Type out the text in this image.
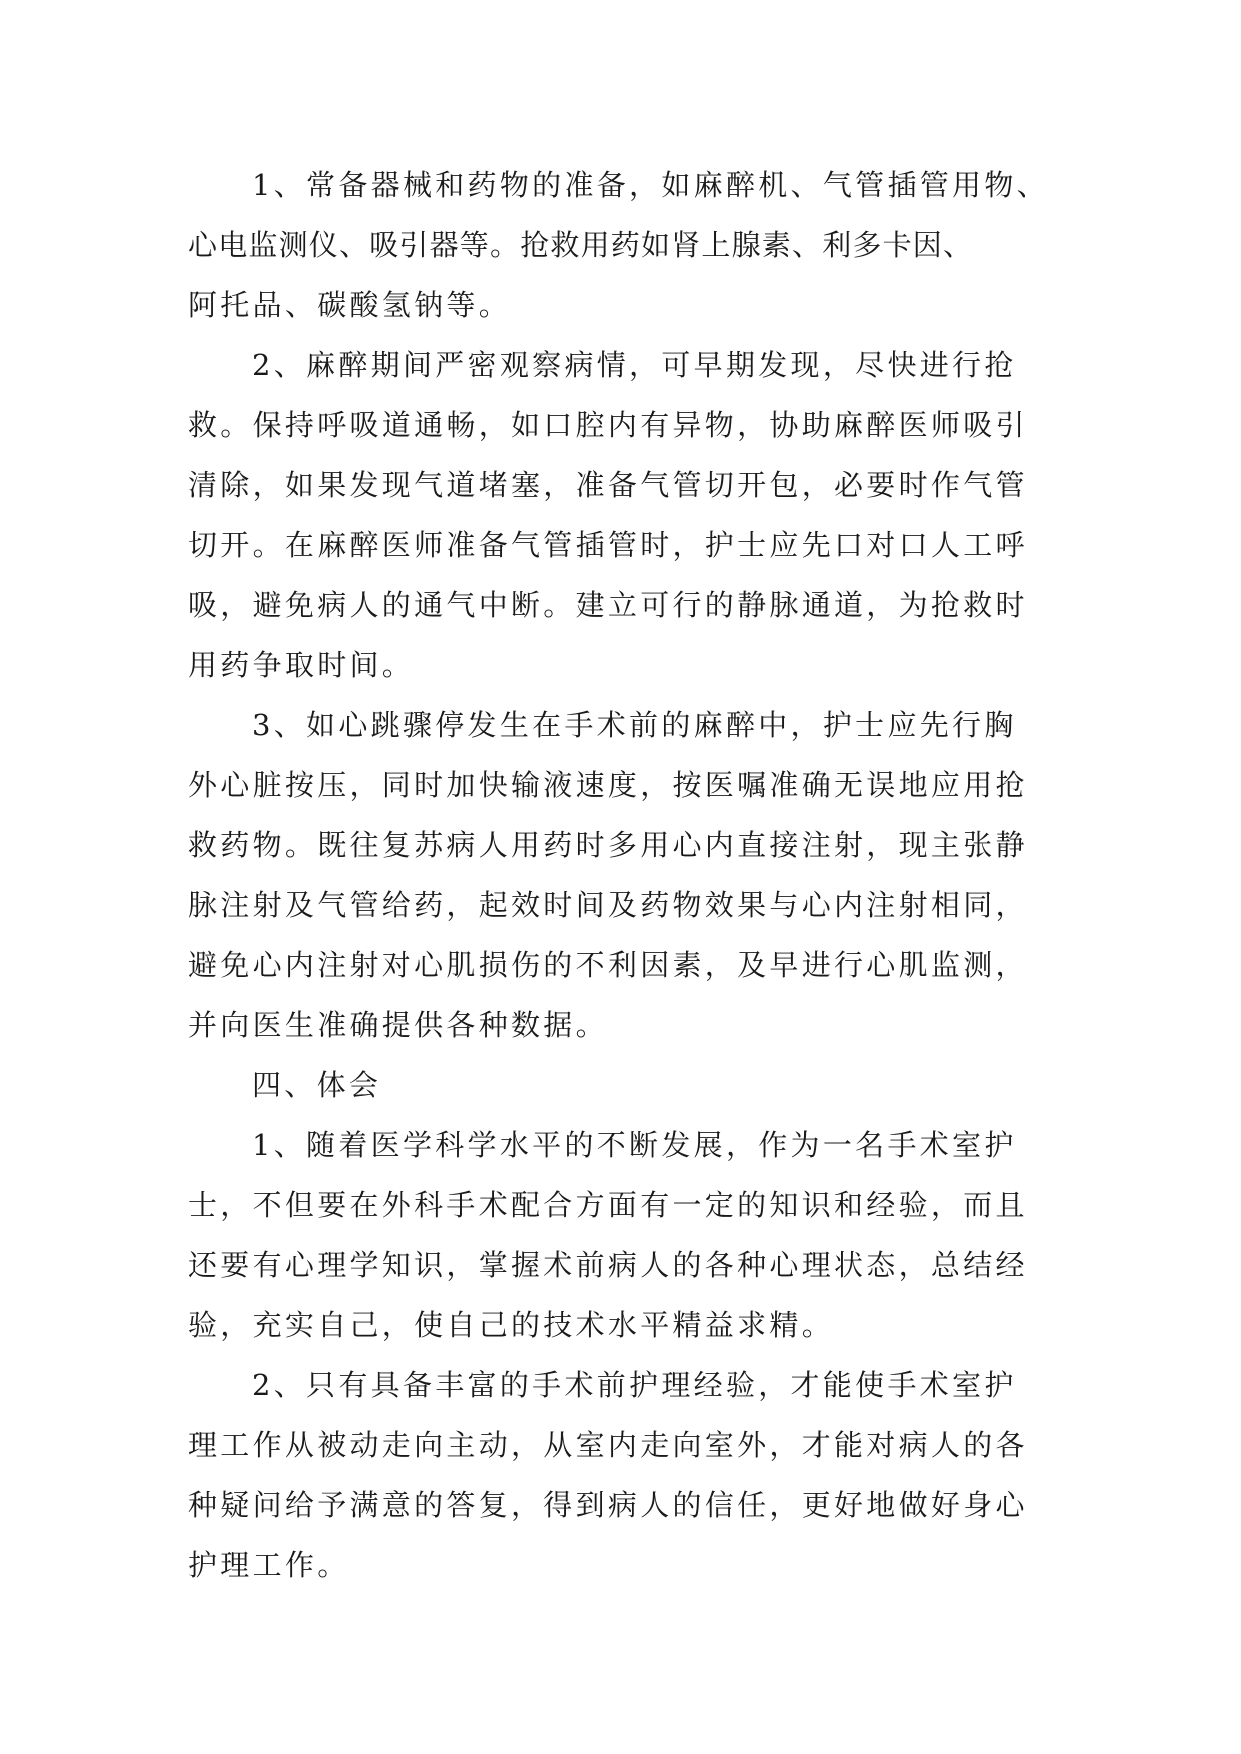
1、常备器械和药物的准备，如麻醉机、气管插管用物、
心电监测仪、吸引器等。抢救用药如肾上腺素、利多卡因、
阿托品、碳酸氢钠等。
2、麻醉期间严密观察病情，可早期发现，尽快进行抢
救。保持呼吸道通畅，如口腔内有异物，协助麻醉医师吸引
清除，如果发现气道堵塞，准备气管切开包，必要时作气管
切开。在麻醉医师准备气管插管时，护士应先口对口人工呼
吸，避免病人的通气中断。建立可行的静脉通道，为抢救时
用药争取时间。
3、如心跳骤停发生在手术前的麻醉中，护士应先行胸
外心脏按压，同时加快输液速度，按医嘱准确无误地应用抢
救药物。既往复苏病人用药时多用心内直接注射，现主张静
脉注射及气管给药，起效时间及药物效果与心内注射相同，
避免心内注射对心肌损伤的不利因素，及早进行心肌监测，
并向医生准确提供各种数据。
四、体会
1、随着医学科学水平的不断发展，作为一名手术室护
士，不但要在外科手术配合方面有一定的知识和经验，而且
还要有心理学知识，掌握术前病人的各种心理状态，总结经
验，充实自己，使自己的技术水平精益求精。
2、只有具备丰富的手术前护理经验，才能使手术室护
理工作从被动走向主动，从室内走向室外，才能对病人的各
种疑问给予满意的答复，得到病人的信任，更好地做好身心
护理工作。
